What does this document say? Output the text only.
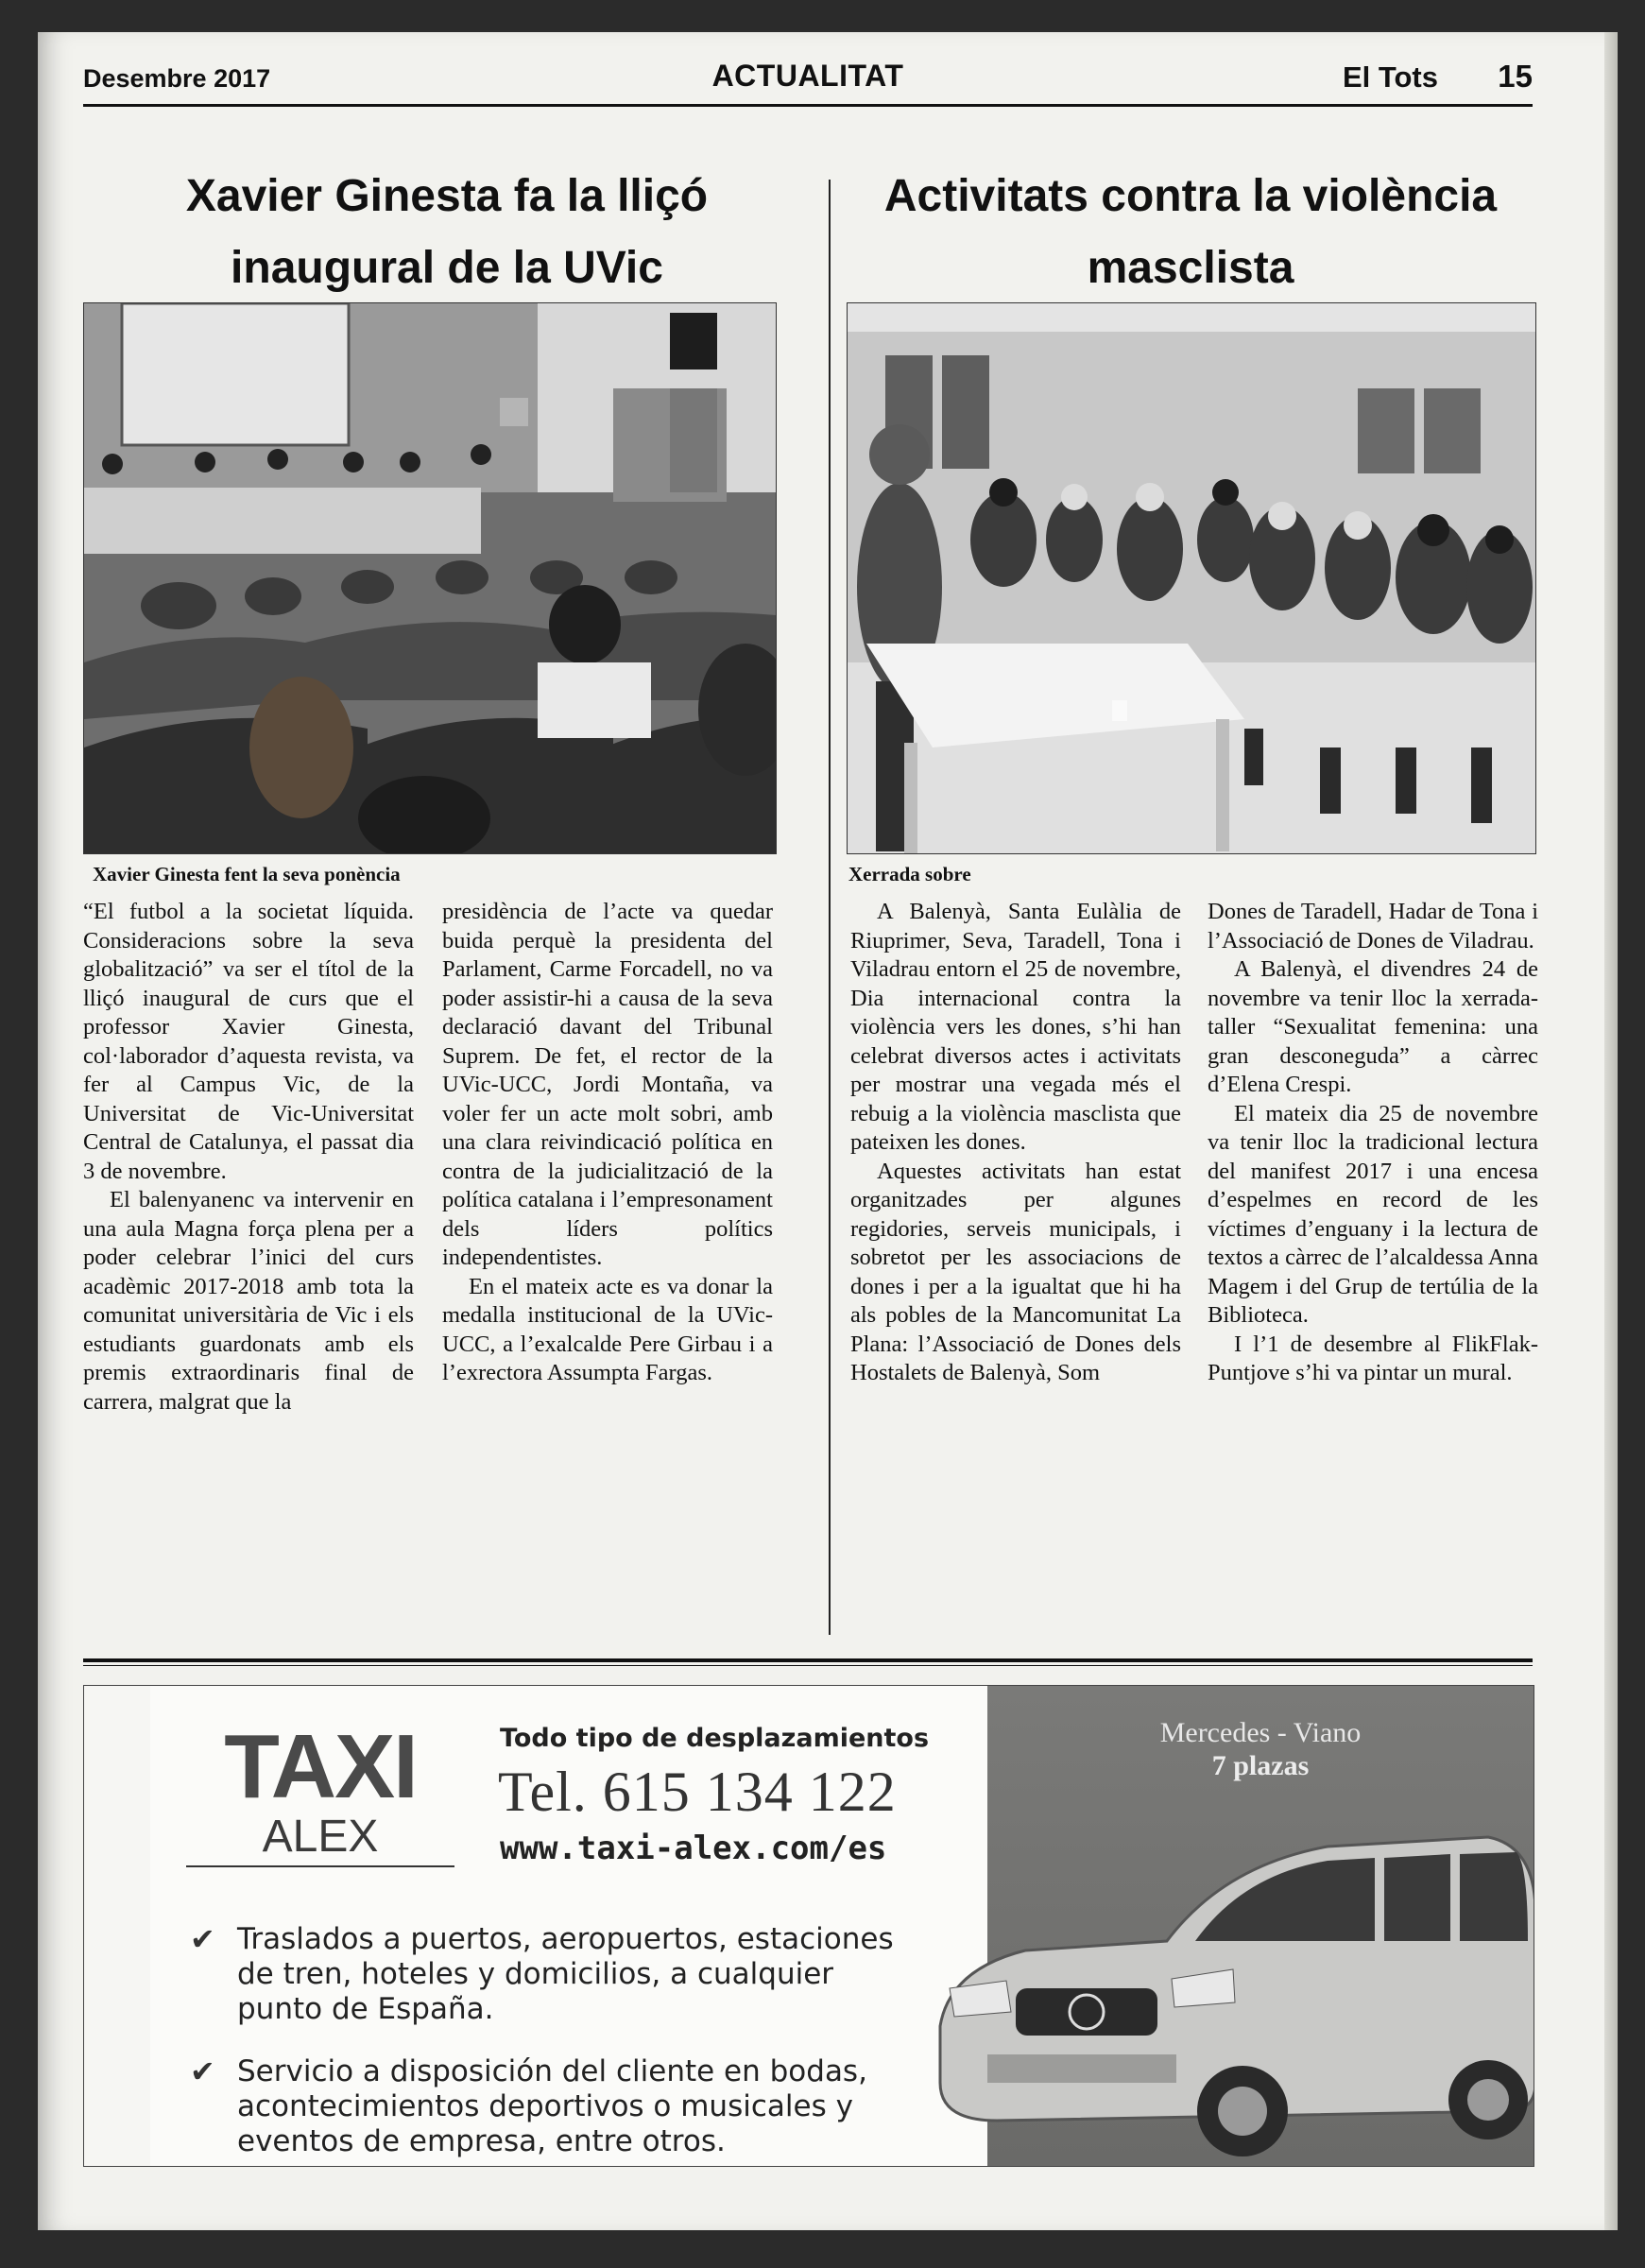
Desembre 2017	ACTUALITAT	El Tots 15
Xavier Ginesta fa la lliçó inaugural de la UVic
Activitats contra la violència masclista
Xavier Ginesta fent la seva ponència	Xerrada sobre

“El futbol a la societat líquida. Consideracions sobre la seva globalització” va ser el títol de la lliçó inaugural de curs que el professor Xavier Ginesta, col·laborador d’aquesta revista, va fer al Campus Vic, de la Universitat de Vic-Universitat Central de Catalunya, el passat dia 3 de novembre.

El balenyanenc va intervenir en una aula Magna força plena per a poder celebrar l’inici del curs acadèmic 2017-2018 amb tota la comunitat universitària de Vic i els estudiants guardonats amb els premis extraordinaris final de carrera, malgrat que la

presidència de l’acte va quedar buida perquè la presidenta del Parlament, Carme Forcadell, no va poder assistir-hi a causa de la seva declaració davant del Tribunal Suprem. De fet, el rector de la UVic-UCC, Jordi Montaña, va voler fer un acte molt sobri, amb una clara reivindicació política en contra de la judicialització de la política catalana i l’empresonament dels líders polítics independentistes.

En el mateix acte es va donar la medalla institucional de la UVic-UCC, a l’exalcalde Pere Girbau i a l’exrectora Assumpta Fargas.

A Balenyà, Santa Eulàlia de Riuprimer, Seva, Taradell, Tona i Viladrau entorn el 25 de novembre, Dia internacional contra la violència vers les dones, s’hi han celebrat diversos actes i activitats per mostrar una vegada més el rebuig a la violència masclista que pateixen les dones.

Aquestes activitats han estat organitzades per algunes regidories, serveis municipals, i sobretot per les associacions de dones i per a la igualtat que hi ha als pobles de la Mancomunitat La Plana: l’Associació de Dones dels Hostalets de Balenyà, Som

Dones de Taradell, Hadar de Tona i l’Associació de Dones de Viladrau.

A Balenyà, el divendres 24 de novembre va tenir lloc la xerrada-taller “Sexualitat femenina: una gran desconeguda” a càrrec d’Elena Crespi.

El mateix dia 25 de novembre va tenir lloc la tradicional lectura del manifest 2017 i una encesa d’espelmes en record de les víctimes d’enguany i la lectura de textos a càrrec de l’alcaldessa Anna Magem i del Grup de tertúlia de la Biblioteca.

I l’1 de desembre al FlikFlak-Puntjove s’hi va pintar un mural.

TAXI
ALEX
Todo tipo de desplazamientos
Tel. 615 134 122
www.taxi-alex.com/es
✔ Traslados a puertos, aeropuertos, estaciones de tren, hoteles y domicilios, a cualquier punto de España.
✔ Servicio a disposición del cliente en bodas, acontecimientos deportivos o musicales y eventos de empresa, entre otros.
Mercedes - Viano
7 plazas
